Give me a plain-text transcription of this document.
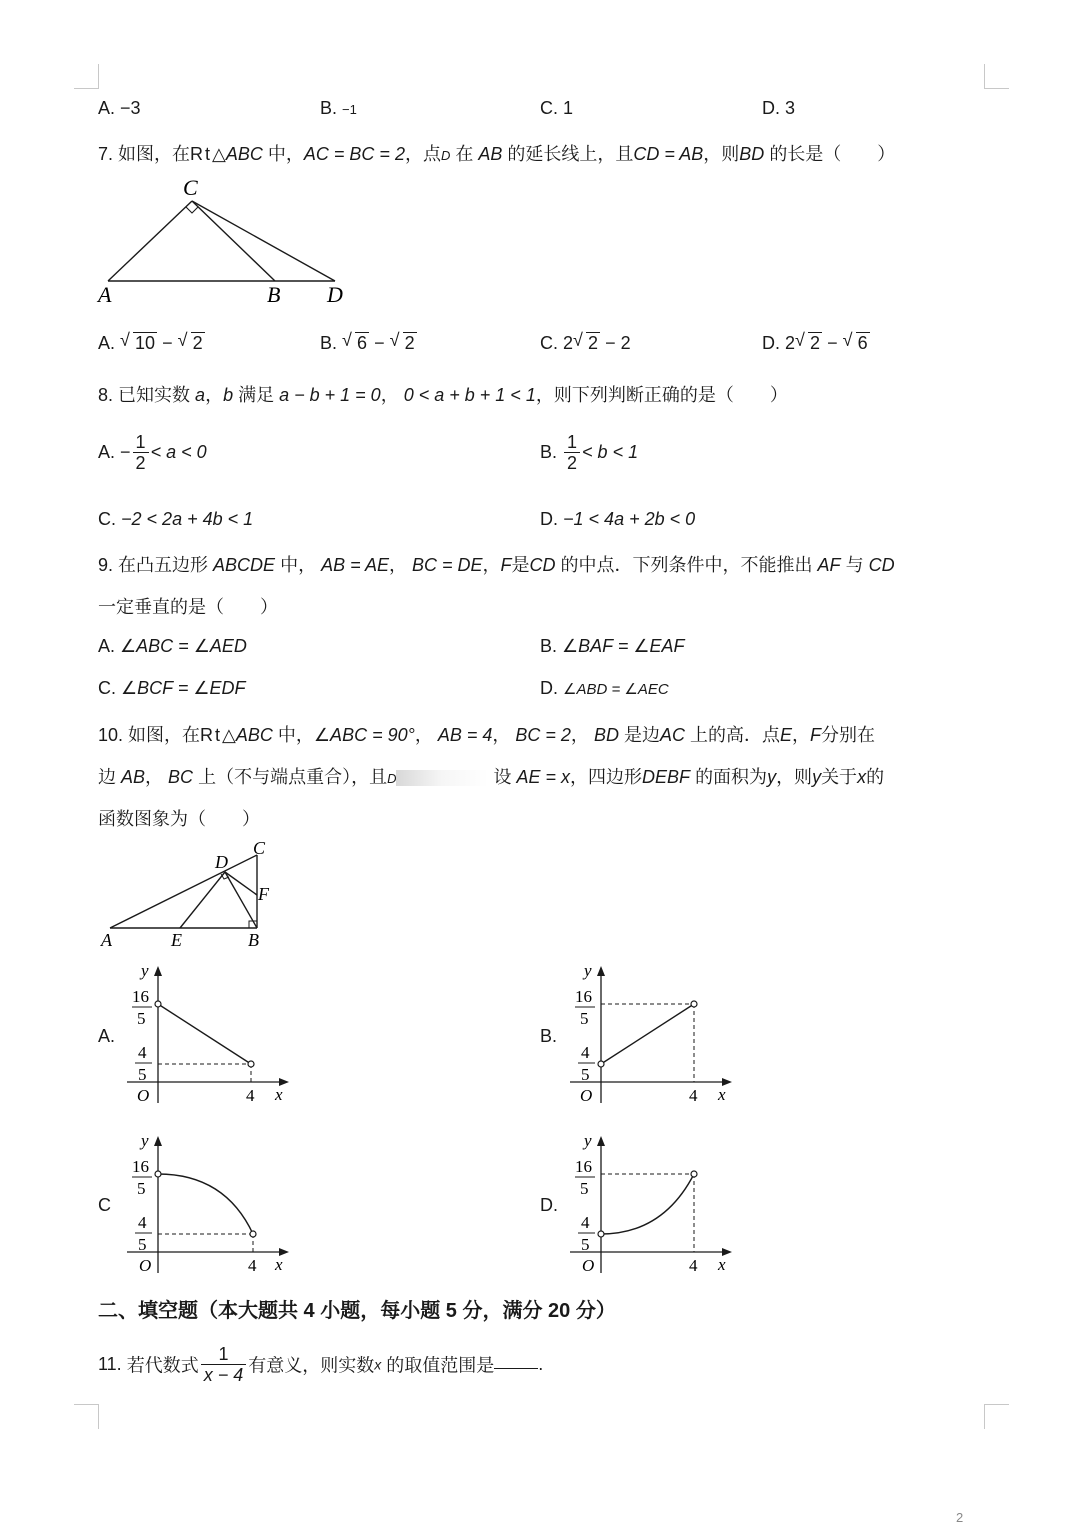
A. −3	B. −1	C. 1	D. 3
7. 如图，在Rt△ABC 中，AC = BC = 2，点D 在 AB 的延长线上，且CD = AB，则BD 的长是（　　）
C
A	B D
A. √ 10 − √ 2	B. √ 6 − √ 2	C. 2 √ 2 − 2	D. 2 √ 2 − √ 6
8. 已知实数 a，b 满足 a − b + 1 = 0， 0 < a + b + 1 < 1，则下列判断正确的是（　　）
A. − $\frac{1}{2} < a < 0$	B. $\frac{1}{2} < b < 1$
C. −2 < 2a + 4b < 1	D. −1 < 4a + 2b < 0
9. 在凸五边形 ABCDE 中， AB = AE， BC = DE，F是CD 的中点．下列条件中，不能推出 AF 与 CD
一定垂直的是（　　）
A. ∠ABC = ∠AED	B. ∠BAF = ∠EAF
C. ∠BCF = ∠EDF	D. ∠ABD = ∠AEC
10. 如图，在Rt△ABC 中，∠ABC = 90°， AB = 4， BC = 2， BD 是边AC 上的高．点E，F分别在
边 AB， BC 上（不与端点重合），且D	设 AE = x，四边形DEBF 的面积为y，则y关于x的
函数图象为（　　）
A	E	B
D
C
F
A.	B.
C	D.
y
x
O	4
16
5
4
5
y
x
O	4
16
5
4
5
y
x
O	4
16
5
4
5
y
x
O	4
16
5
4
5
二、填空题（本大题共 4 小题，每小题 5 分，满分 20 分）
11. 若代数式 $\frac{1}{x - 4}$ 有意义，则实数x 的取值范围是 .
2
